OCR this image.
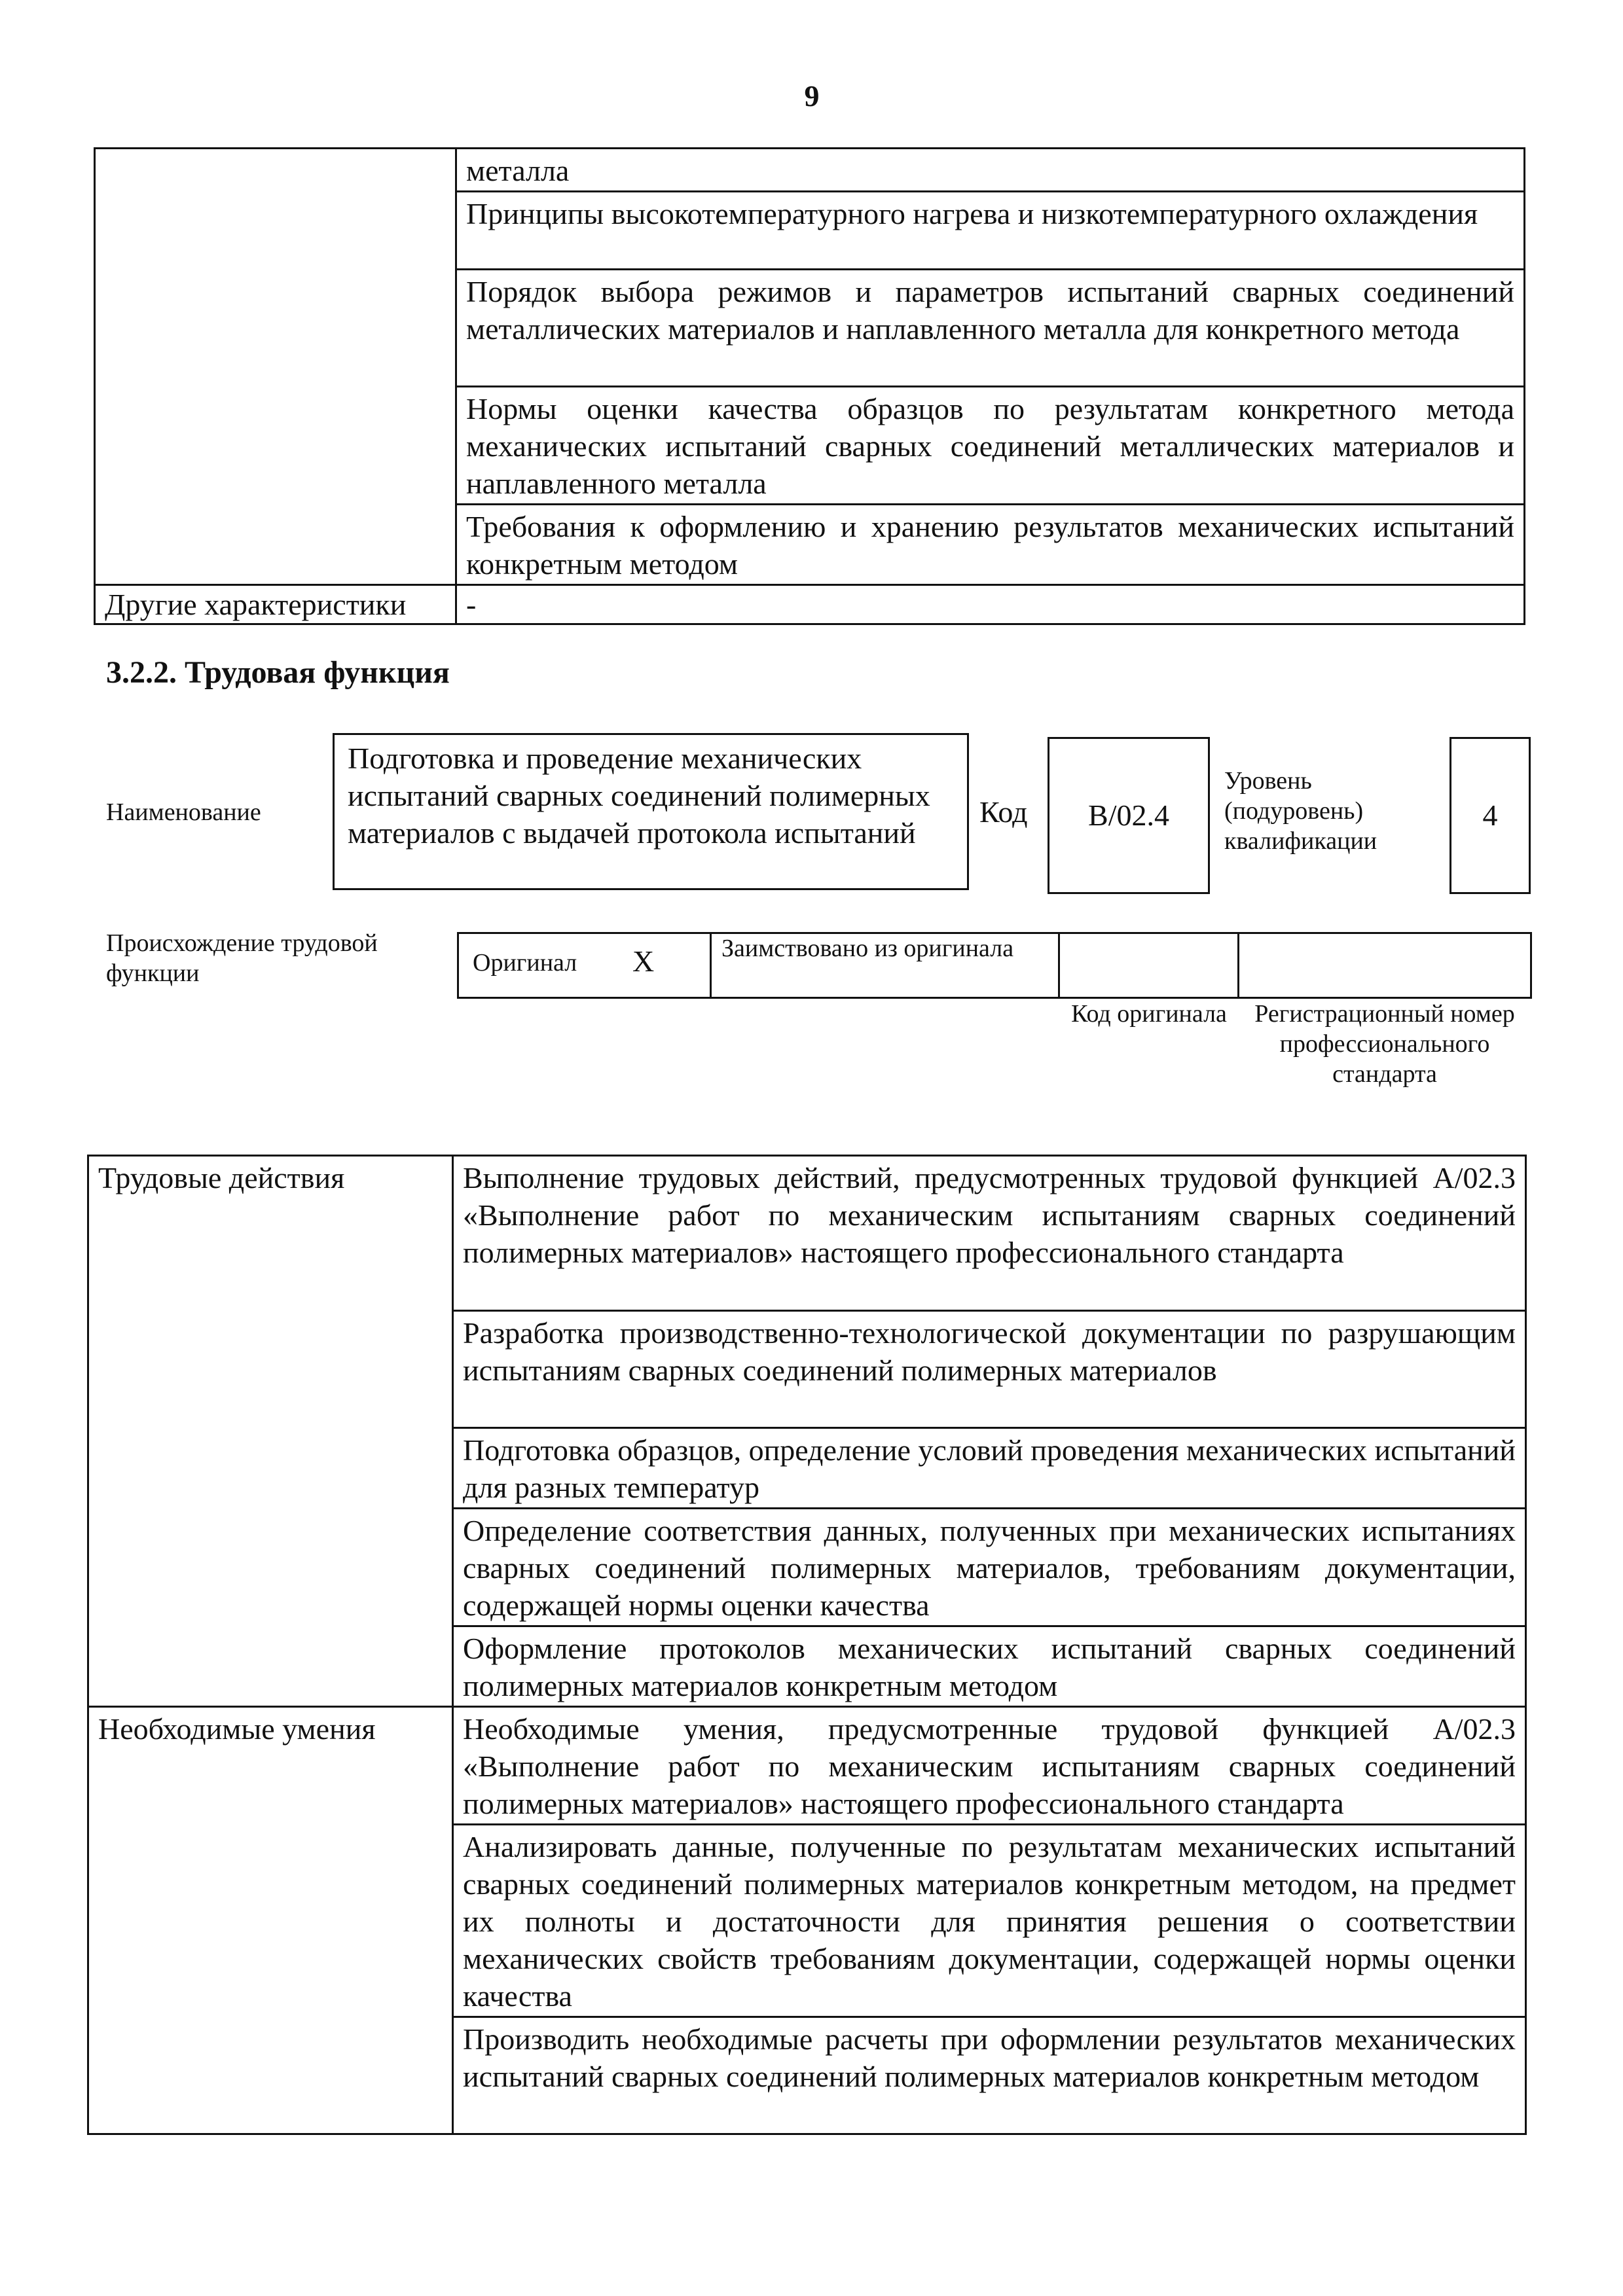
9
	металла
	Принципы высокотемпературного нагрева и низкотемпературного охлаждения
	Порядок выбора режимов и параметров испытаний сварных соединений металлических материалов и наплавленного металла для конкретного метода
	Нормы оценки качества образцов по результатам конкретного метода механических испытаний сварных соединений металлических материалов и наплавленного металла
	Требования к оформлению и хранению результатов механических испытаний конкретным методом
Другие характеристики	-
3.2.2. Трудовая функция
Наименование
Подготовка и проведение механических испытаний сварных соединений полимерных материалов с выдачей протокола испытаний
Код	B/02.4
Уровень (подуровень) квалификации
4
Происхождение трудовой функции	Оригинал X	Заимствовано из оригинала
Код оригинала	Регистрационный номер профессионального стандарта
Трудовые действия	Выполнение трудовых действий, предусмотренных трудовой функцией А/02.3 «Выполнение работ по механическим испытаниям сварных соединений полимерных материалов» настоящего профессионального стандарта
	Разработка производственно-технологической документации по разрушающим испытаниям сварных соединений полимерных материалов
	Подготовка образцов, определение условий проведения механических испытаний для разных температур
	Определение соответствия данных, полученных при механических испытаниях сварных соединений полимерных материалов, требованиям документации, содержащей нормы оценки качества
	Оформление протоколов механических испытаний сварных соединений полимерных материалов конкретным методом
Необходимые умения	Необходимые умения, предусмотренные трудовой функцией А/02.3 «Выполнение работ по механическим испытаниям сварных соединений полимерных материалов» настоящего профессионального стандарта
	Анализировать данные, полученные по результатам механических испытаний сварных соединений полимерных материалов конкретным методом, на предмет их полноты и достаточности для принятия решения о соответствии механических свойств требованиям документации, содержащей нормы оценки качества
	Производить необходимые расчеты при оформлении результатов механических испытаний сварных соединений полимерных материалов конкретным методом
